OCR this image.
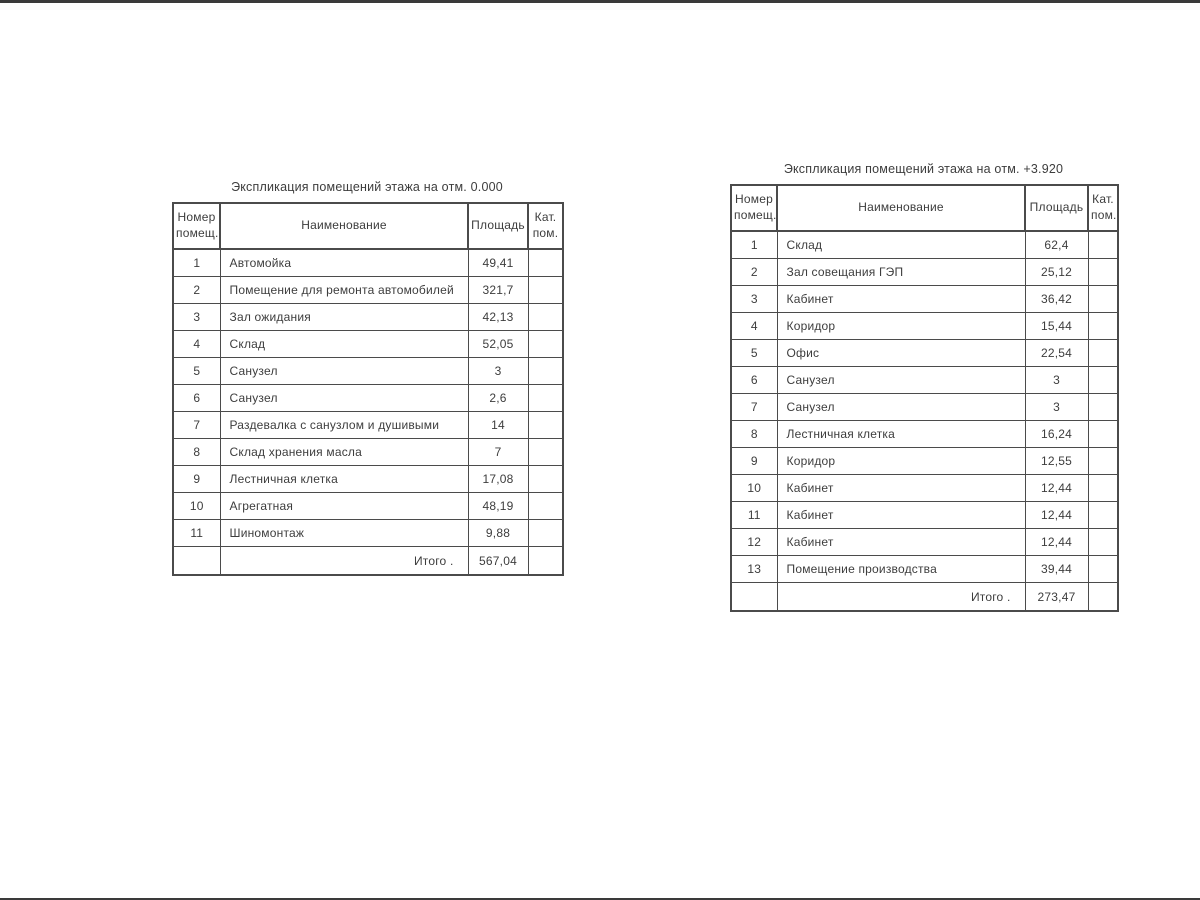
Экспликация помещений этажа на отм. 0.000
Номер помещ.	Наименование	Площадь	Кат. пом.
1	Автомойка	49,41	
2	Помещение для ремонта автомобилей	321,7	
3	Зал ожидания	42,13	
4	Склад	52,05	
5	Санузел	3	
6	Санузел	2,6	
7	Раздевалка с санузлом и душивыми	14	
8	Склад хранения масла	7	
9	Лестничная клетка	17,08	
10	Агрегатная	48,19	
11	Шиномонтаж	9,88	
	Итого .	567,04	
Экспликация помещений этажа на отм. +3.920
Номер помещ.	Наименование	Площадь	Кат. пом.
1	Склад	62,4	
2	Зал совещания ГЭП	25,12	
3	Кабинет	36,42	
4	Коридор	15,44	
5	Офис	22,54	
6	Санузел	3	
7	Санузел	3	
8	Лестничная клетка	16,24	
9	Коридор	12,55	
10	Кабинет	12,44	
11	Кабинет	12,44	
12	Кабинет	12,44	
13	Помещение производства	39,44	
	Итого .	273,47	
